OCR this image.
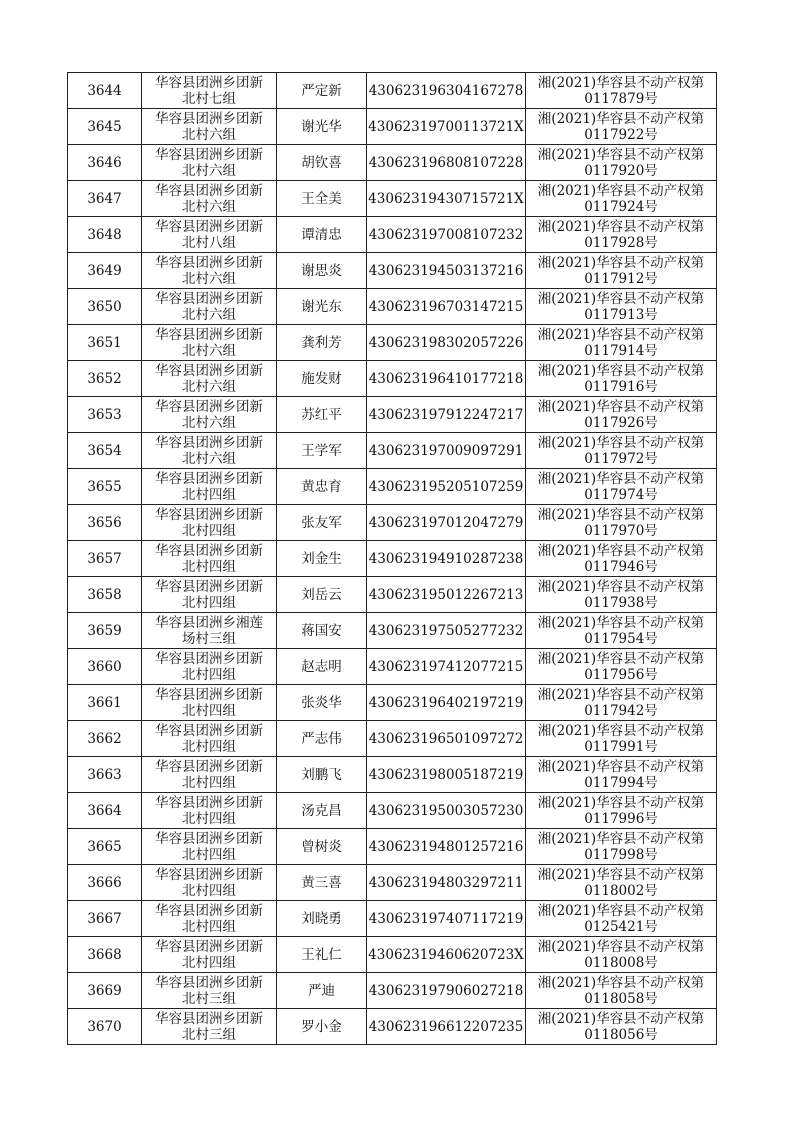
3644	华容县团洲乡团新
北村七组	严定新	430623196304167278	湘(2021)华容县不动产权第
0117879号

3645	华容县团洲乡团新
北村六组	谢光华	43062319700113721X	湘(2021)华容县不动产权第
0117922号

3646	华容县团洲乡团新
北村六组	胡钦喜	430623196808107228	湘(2021)华容县不动产权第
0117920号

3647	华容县团洲乡团新
北村六组	王全美	43062319430715721X	湘(2021)华容县不动产权第
0117924号

3648	华容县团洲乡团新
北村八组	谭清忠	430623197008107232	湘(2021)华容县不动产权第
0117928号

3649	华容县团洲乡团新
北村六组	谢思炎	430623194503137216	湘(2021)华容县不动产权第
0117912号

3650	华容县团洲乡团新
北村六组	谢光东	430623196703147215	湘(2021)华容县不动产权第
0117913号

3651	华容县团洲乡团新
北村六组	龚利芳	430623198302057226	湘(2021)华容县不动产权第
0117914号

3652	华容县团洲乡团新
北村六组	施发财	430623196410177218	湘(2021)华容县不动产权第
0117916号

3653	华容县团洲乡团新
北村六组	苏红平	430623197912247217	湘(2021)华容县不动产权第
0117926号

3654	华容县团洲乡团新
北村六组	王学军	430623197009097291	湘(2021)华容县不动产权第
0117972号

3655	华容县团洲乡团新
北村四组	黄忠育	430623195205107259	湘(2021)华容县不动产权第
0117974号

3656	华容县团洲乡团新
北村四组	张友军	430623197012047279	湘(2021)华容县不动产权第
0117970号

3657	华容县团洲乡团新
北村四组	刘金生	430623194910287238	湘(2021)华容县不动产权第
0117946号

3658	华容县团洲乡团新
北村四组	刘岳云	430623195012267213	湘(2021)华容县不动产权第
0117938号

3659	华容县团洲乡湘莲
场村三组	蒋国安	430623197505277232	湘(2021)华容县不动产权第
0117954号

3660	华容县团洲乡团新
北村四组	赵志明	430623197412077215	湘(2021)华容县不动产权第
0117956号

3661	华容县团洲乡团新
北村四组	张炎华	430623196402197219	湘(2021)华容县不动产权第
0117942号

3662	华容县团洲乡团新
北村四组	严志伟	430623196501097272	湘(2021)华容县不动产权第
0117991号

3663	华容县团洲乡团新
北村四组	刘鹏飞	430623198005187219	湘(2021)华容县不动产权第
0117994号

3664	华容县团洲乡团新
北村四组	汤克昌	430623195003057230	湘(2021)华容县不动产权第
0117996号

3665	华容县团洲乡团新
北村四组	曾树炎	430623194801257216	湘(2021)华容县不动产权第
0117998号

3666	华容县团洲乡团新
北村四组	黄三喜	430623194803297211	湘(2021)华容县不动产权第
0118002号

3667	华容县团洲乡团新
北村四组	刘晓勇	430623197407117219	湘(2021)华容县不动产权第
0125421号

3668	华容县团洲乡团新
北村四组	王礼仁	43062319460620723X	湘(2021)华容县不动产权第
0118008号

3669	华容县团洲乡团新
北村三组	严迪	430623197906027218	湘(2021)华容县不动产权第
0118058号

3670	华容县团洲乡团新
北村三组	罗小金	430623196612207235	湘(2021)华容县不动产权第
0118056号
